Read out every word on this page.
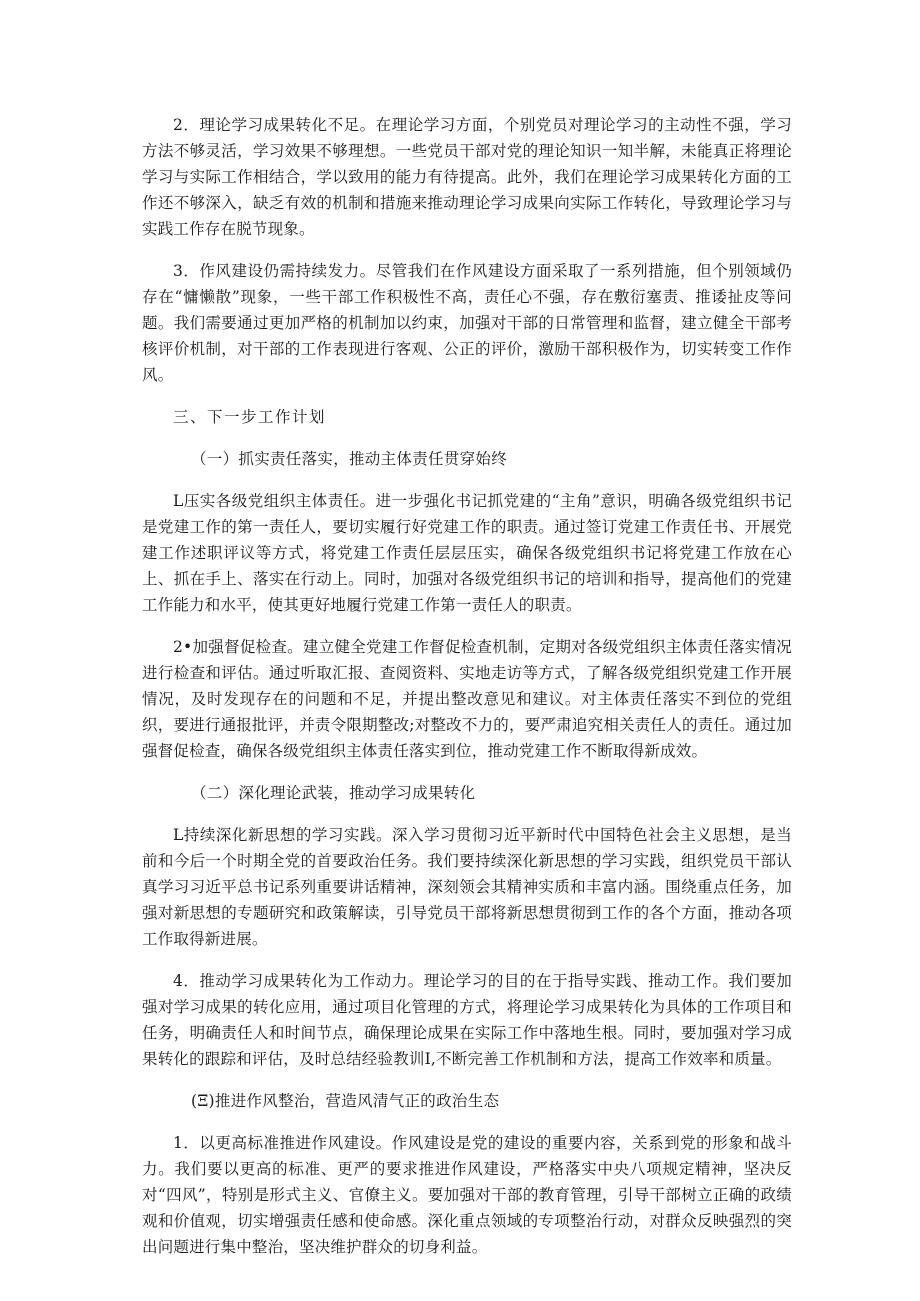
2．理论学习成果转化不足。在理论学习方面，个别党员对理论学习的主动性不强，学习方法不够灵活，学习效果不够理想。一些党员干部对党的理论知识一知半解，未能真正将理论学习与实际工作相结合，学以致用的能力有待提高。此外，我们在理论学习成果转化方面的工作还不够深入，缺乏有效的机制和措施来推动理论学习成果向实际工作转化，导致理论学习与实践工作存在脱节现象。

3．作风建设仍需持续发力。尽管我们在作风建设方面采取了一系列措施，但个别领域仍存在“慵懒散”现象，一些干部工作积极性不高，责任心不强，存在敷衍塞责、推诿扯皮等问题。我们需要通过更加严格的机制加以约束，加强对干部的日常管理和监督，建立健全干部考核评价机制，对干部的工作表现进行客观、公正的评价，激励干部积极作为，切实转变工作作风。

三、下一步工作计划

（一）抓实责任落实，推动主体责任贯穿始终

L压实各级党组织主体责任。进一步强化书记抓党建的“主角”意识，明确各级党组织书记是党建工作的第一责任人，要切实履行好党建工作的职责。通过签订党建工作责任书、开展党建工作述职评议等方式，将党建工作责任层层压实，确保各级党组织书记将党建工作放在心上、抓在手上、落实在行动上。同时，加强对各级党组织书记的培训和指导，提高他们的党建工作能力和水平，使其更好地履行党建工作第一责任人的职责。

2•加强督促检查。建立健全党建工作督促检查机制，定期对各级党组织主体责任落实情况进行检查和评估。通过听取汇报、查阅资料、实地走访等方式，了解各级党组织党建工作开展情况，及时发现存在的问题和不足，并提出整改意见和建议。对主体责任落实不到位的党组织，要进行通报批评，并责令限期整改;对整改不力的，要严肃追究相关责任人的责任。通过加强督促检查，确保各级党组织主体责任落实到位，推动党建工作不断取得新成效。

（二）深化理论武装，推动学习成果转化

L持续深化新思想的学习实践。深入学习贯彻习近平新时代中国特色社会主义思想，是当前和今后一个时期全党的首要政治任务。我们要持续深化新思想的学习实践，组织党员干部认真学习习近平总书记系列重要讲话精神，深刻领会其精神实质和丰富内涵。围绕重点任务，加强对新思想的专题研究和政策解读，引导党员干部将新思想贯彻到工作的各个方面，推动各项工作取得新进展。

4．推动学习成果转化为工作动力。理论学习的目的在于指导实践、推动工作。我们要加强对学习成果的转化应用，通过项目化管理的方式，将理论学习成果转化为具体的工作项目和任务，明确责任人和时间节点，确保理论成果在实际工作中落地生根。同时，要加强对学习成果转化的跟踪和评估，及时总结经验教训I,不断完善工作机制和方法，提高工作效率和质量。

(Ξ)推进作风整治，营造风清气正的政治生态

1．以更高标准推进作风建设。作风建设是党的建设的重要内容，关系到党的形象和战斗力。我们要以更高的标准、更严的要求推进作风建设，严格落实中央八项规定精神，坚决反对“四风”，特别是形式主义、官僚主义。要加强对干部的教育管理，引导干部树立正确的政绩观和价值观，切实增强责任感和使命感。深化重点领域的专项整治行动，对群众反映强烈的突出问题进行集中整治，坚决维护群众的切身利益。
